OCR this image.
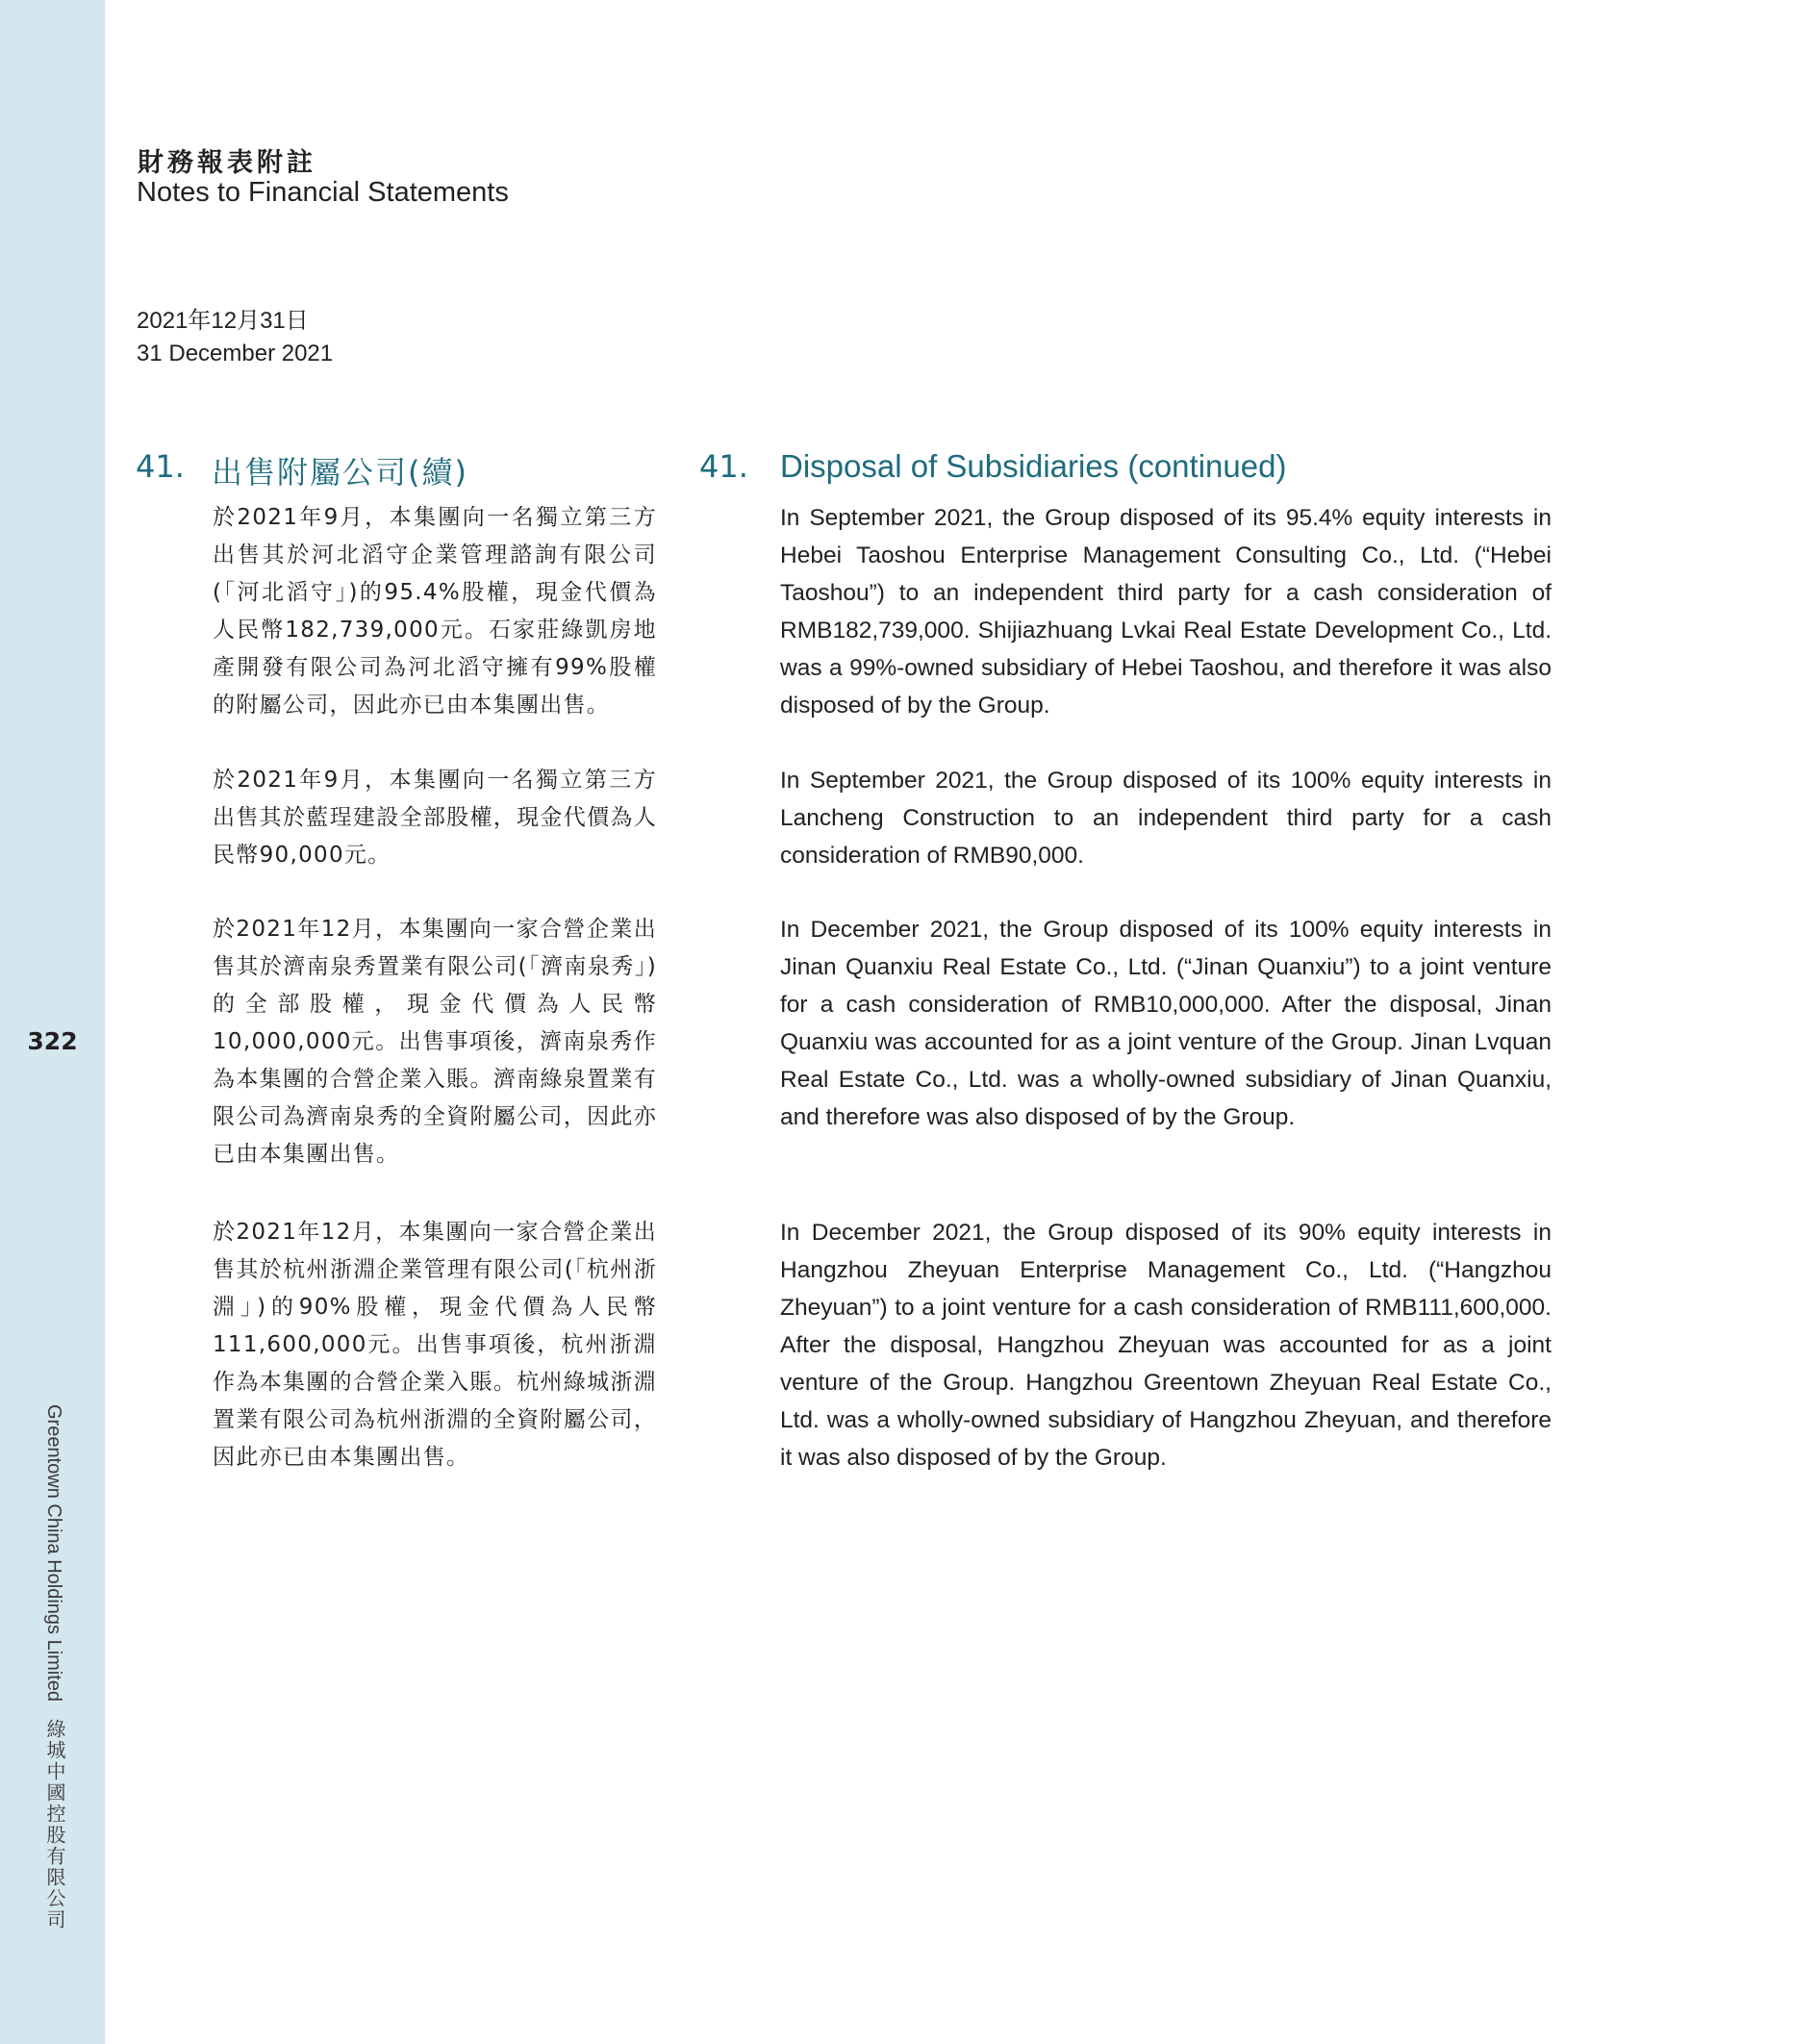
322
Greentown China Holdings Limited綠城中國控股有限公司
財務報表附註
Notes to Financial Statements
2021年12月31日
31 December 2021
41. 出售附屬公司(續)	41. Disposal of Subsidiaries (continued)

於2021年9月，本集團向一名獨立第三方出售其於河北滔守企業管理諮詢有限公司(「河北滔守」)的95.4%股權，現金代價為人民幣182,739,000元。石家莊綠凱房地產開發有限公司為河北滔守擁有99%股權的附屬公司，因此亦已由本集團出售。

於2021年9月，本集團向一名獨立第三方出售其於藍珵建設全部股權，現金代價為人民幣90,000元。

於2021年12月，本集團向一家合營企業出售其於濟南泉秀置業有限公司(「濟南泉秀」)的全部股權，現金代價為人民幣10,000,000元。出售事項後，濟南泉秀作為本集團的合營企業入賬。濟南綠泉置業有限公司為濟南泉秀的全資附屬公司，因此亦已由本集團出售。

於2021年12月，本集團向一家合營企業出售其於杭州浙淵企業管理有限公司(「杭州浙淵」)的90%股權，現金代價為人民幣111,600,000元。出售事項後，杭州浙淵作為本集團的合營企業入賬。杭州綠城浙淵置業有限公司為杭州浙淵的全資附屬公司，因此亦已由本集團出售。

In September 2021, the Group disposed of its 95.4% equity interests in Hebei Taoshou Enterprise Management Consulting Co., Ltd. (“Hebei Taoshou”) to an independent third party for a cash consideration of RMB182,739,000. Shijiazhuang Lvkai Real Estate Development Co., Ltd. was a 99%-owned subsidiary of Hebei Taoshou, and therefore it was also disposed of by the Group.

In September 2021, the Group disposed of its 100% equity interests in Lancheng Construction to an independent third party for a cash consideration of RMB90,000.

In December 2021, the Group disposed of its 100% equity interests in Jinan Quanxiu Real Estate Co., Ltd. (“Jinan Quanxiu”) to a joint venture for a cash consideration of RMB10,000,000. After the disposal, Jinan Quanxiu was accounted for as a joint venture of the Group. Jinan Lvquan Real Estate Co., Ltd. was a wholly-owned subsidiary of Jinan Quanxiu, and therefore was also disposed of by the Group.

In December 2021, the Group disposed of its 90% equity interests in Hangzhou Zheyuan Enterprise Management Co., Ltd. (“Hangzhou Zheyuan”) to a joint venture for a cash consideration of RMB111,600,000. After the disposal, Hangzhou Zheyuan was accounted for as a joint venture of the Group. Hangzhou Greentown Zheyuan Real Estate Co., Ltd. was a wholly-owned subsidiary of Hangzhou Zheyuan, and therefore it was also disposed of by the Group.
